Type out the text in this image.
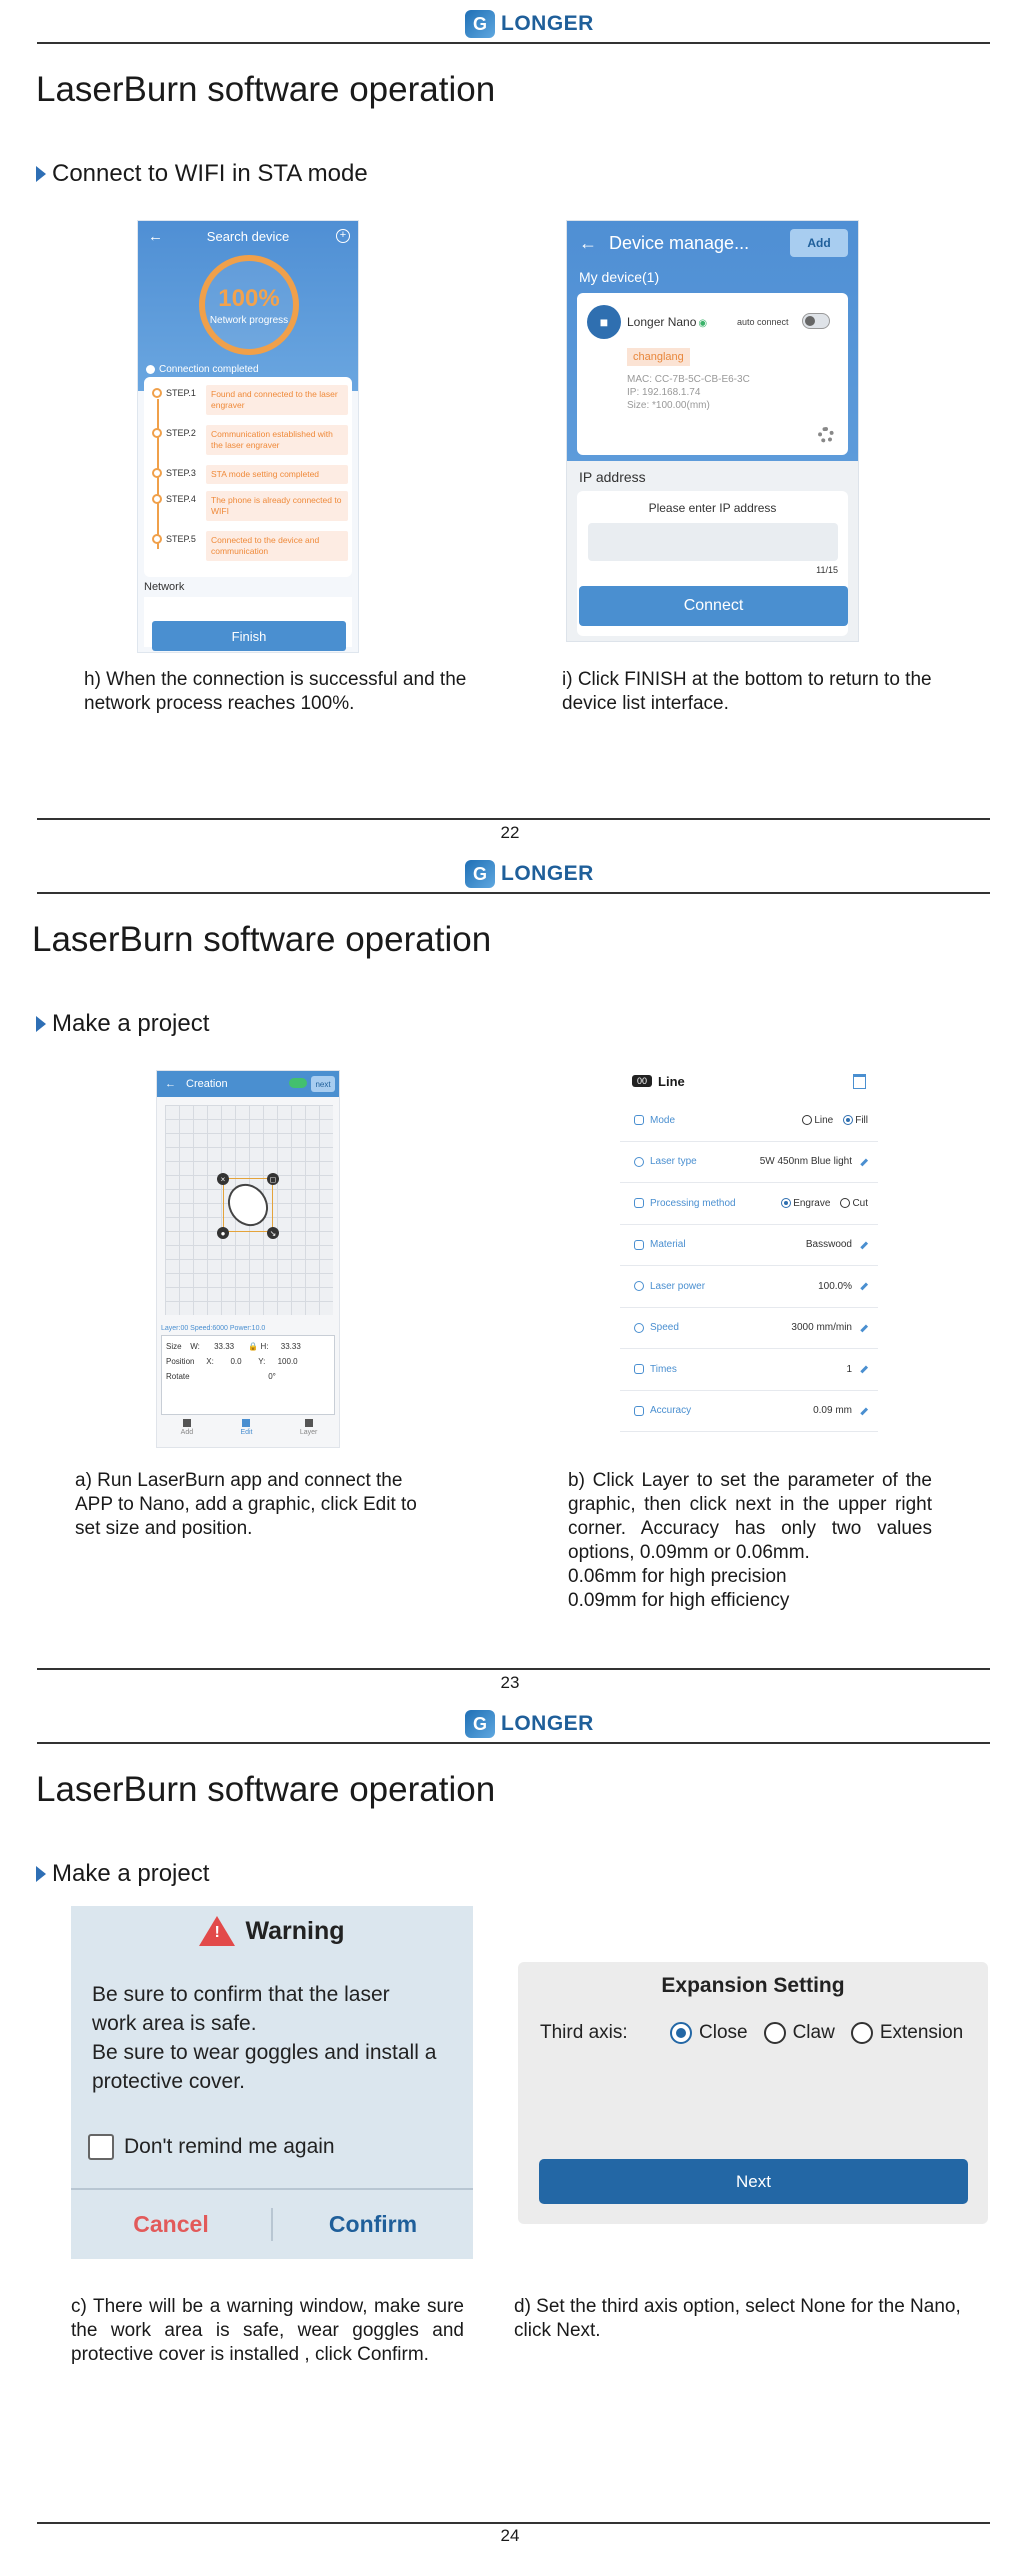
G LONGER
LaserBurn software operation
Connect to WIFI in STA mode
←	Search device	+
100%
Network progress
Connection completed
STEP.1	Found and connected to the laser engraver
STEP.2	Communication established with the laser engraver
STEP.3	STA mode setting completed
STEP.4	The phone is already connected to WIFI
STEP.5	Connected to the device and communication
Network
Finish
← Device manage...	Add
My device(1)
■	Longer Nano ◉	auto connect
changlang
MAC: CC-7B-5C-CB-E6-3C
IP: 192.168.1.74
Size: *100.00(mm)
IP address
Please enter IP address
11/15
Connect
h) When the connection is successful and the network process reaches 100%.
i) Click FINISH at the bottom to return to the device list interface.
22
G LONGER
LaserBurn software operation
Make a project
← Creation	next
×	◻
●	↘
Layer:00 Speed:6000 Power:10.0
Size W: 33.33 🔒 H: 33.33
Position X: 0.0 Y: 100.0
Rotate	0°
Add	Edit	Layer
00 Line
Mode	Line Fill
Laser type	5W 450nm Blue light
Processing method	Engrave Cut
Material	Basswood
Laser power	100.0%
Speed	3000 mm/min
Times	1
Accuracy	0.09 mm
a) Run LaserBurn app and connect the APP to Nano, add a graphic, click Edit to set size and position.
b) Click Layer to set the parameter of the graphic, then click next in the upper right corner. Accuracy has only two values options, 0.09mm or 0.06mm.
0.06mm for high precision
0.09mm for high efficiency
23
G LONGER
LaserBurn software operation
Make a project
! Warning
Be sure to confirm that the laser
work area is safe.
Be sure to wear goggles and install a
protective cover.
Don't remind me again
Cancel	Confirm
Expansion Setting
Third axis:	Close Claw Extension
Next
c) There will be a warning window, make sure the work area is safe, wear goggles and protective cover is installed , click Confirm.
d) Set the third axis option, select None for the Nano, click Next.
24
